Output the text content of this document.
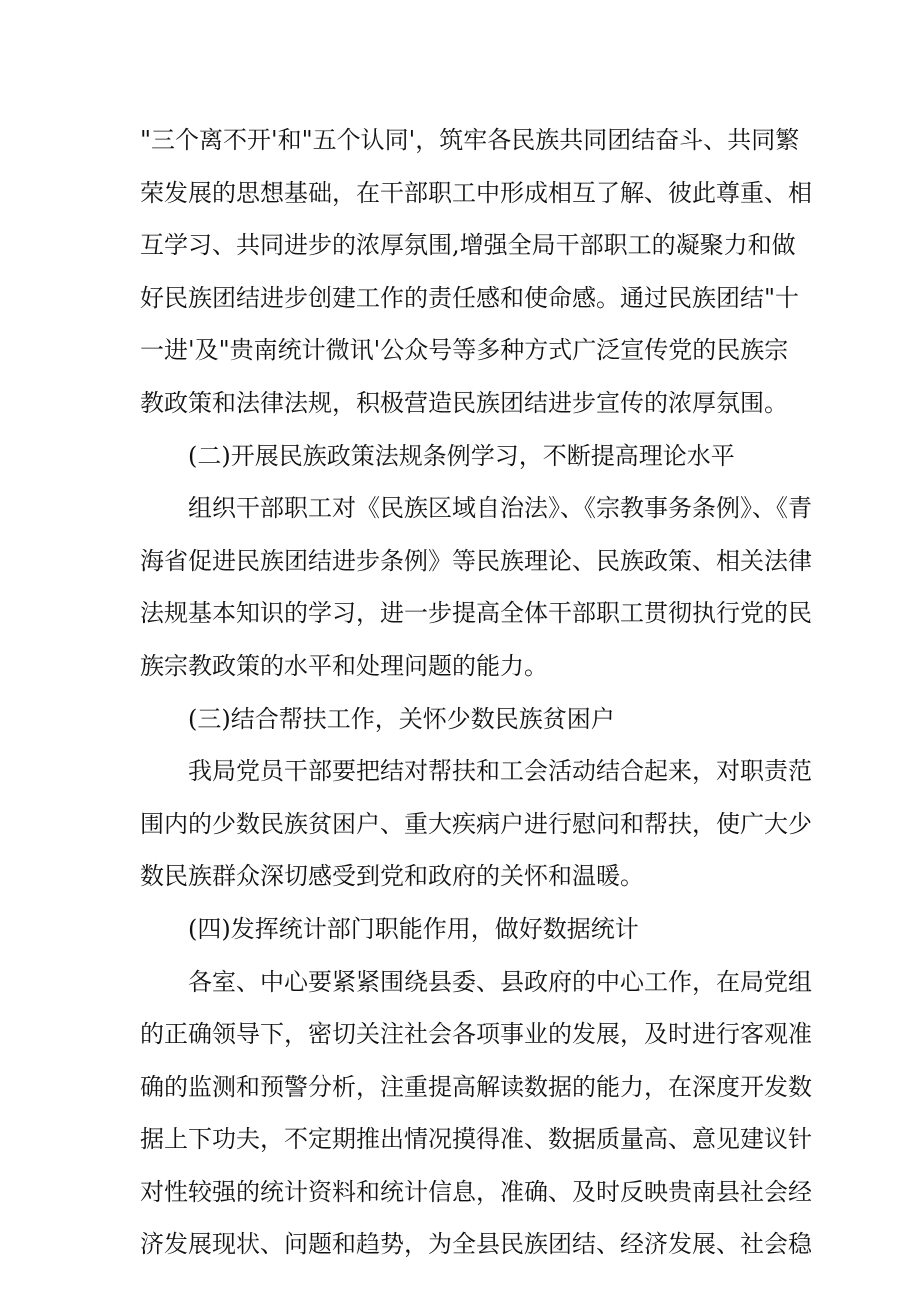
"三个离不开'和"五个认同'，筑牢各民族共同团结奋斗、共同繁
荣发展的思想基础，在干部职工中形成相互了解、彼此尊重、相
互学习、共同进步的浓厚氛围,增强全局干部职工的凝聚力和做
好民族团结进步创建工作的责任感和使命感。通过民族团结"十
一进'及"贵南统计微讯'公众号等多种方式广泛宣传党的民族宗
教政策和法律法规，积极营造民族团结进步宣传的浓厚氛围。
(二)开展民族政策法规条例学习，不断提高理论水平
组织干部职工对《民族区域自治法》、《宗教事务条例》、《青
海省促进民族团结进步条例》等民族理论、民族政策、相关法律
法规基本知识的学习，进一步提高全体干部职工贯彻执行党的民
族宗教政策的水平和处理问题的能力。
(三)结合帮扶工作，关怀少数民族贫困户
我局党员干部要把结对帮扶和工会活动结合起来，对职责范
围内的少数民族贫困户、重大疾病户进行慰问和帮扶，使广大少
数民族群众深切感受到党和政府的关怀和温暖。
(四)发挥统计部门职能作用，做好数据统计
各室、中心要紧紧围绕县委、县政府的中心工作，在局党组
的正确领导下，密切关注社会各项事业的发展，及时进行客观准
确的监测和预警分析，注重提高解读数据的能力，在深度开发数
据上下功夫，不定期推出情况摸得准、数据质量高、意见建议针
对性较强的统计资料和统计信息，准确、及时反映贵南县社会经
济发展现状、问题和趋势，为全县民族团结、经济发展、社会稳
